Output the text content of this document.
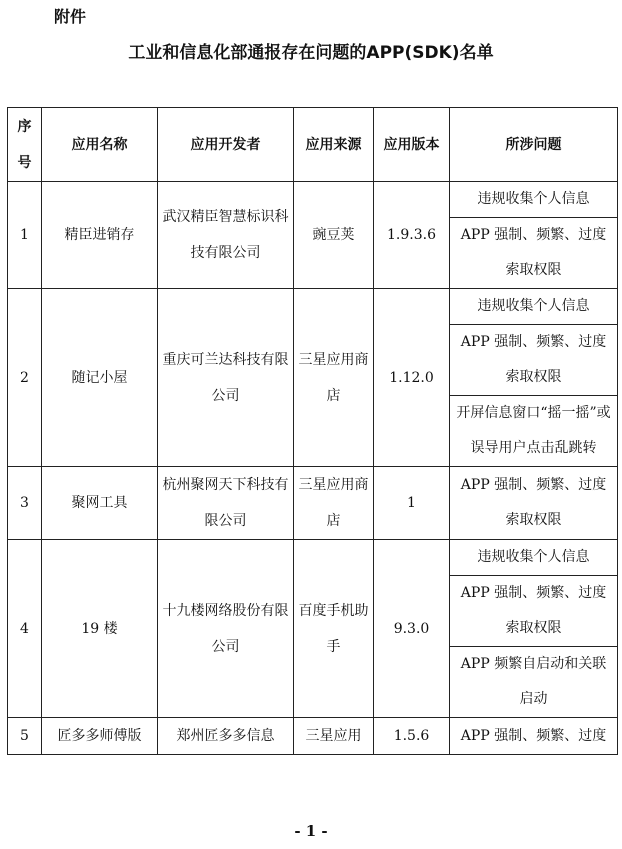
附件
工业和信息化部通报存在问题的APP(SDK)名单
序号	应用名称	应用开发者	应用来源	应用版本	所涉问题
1	精臣进销存	武汉精臣智慧标识科技有限公司	豌豆荚	1.9.3.6	违规收集个人信息
					APP 强制、频繁、过度索取权限
2	随记小屋	重庆可兰达科技有限公司	三星应用商店	1.12.0	违规收集个人信息
					APP 强制、频繁、过度索取权限
					开屏信息窗口“摇一摇”或误导用户点击乱跳转
3	聚网工具	杭州聚网天下科技有限公司	三星应用商店	1	APP 强制、频繁、过度索取权限
4	19 楼	十九楼网络股份有限公司	百度手机助手	9.3.0	违规收集个人信息
					APP 强制、频繁、过度索取权限
					APP 频繁自启动和关联启动
5	匠多多师傅版	郑州匠多多信息	三星应用	1.5.6	APP 强制、频繁、过度
- 1 -
